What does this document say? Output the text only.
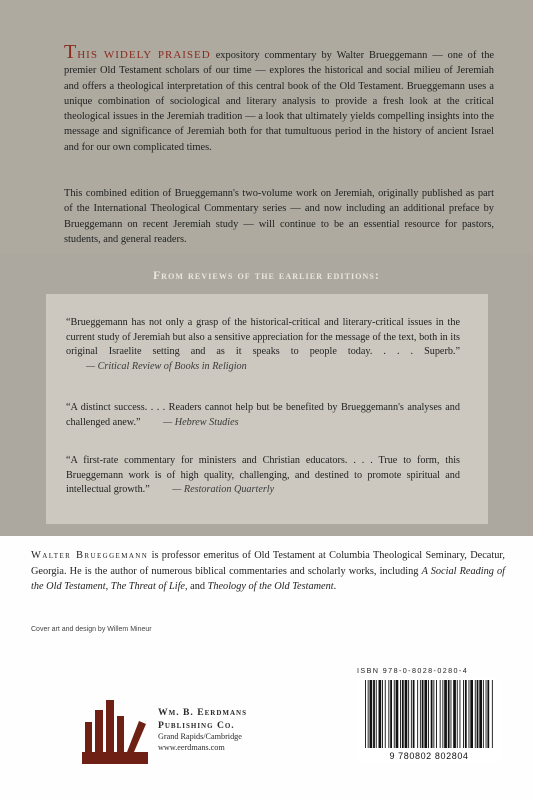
THIS WIDELY PRAISED expository commentary by Walter Brueggemann — one of the premier Old Testament scholars of our time — explores the historical and social milieu of Jeremiah and offers a theological interpretation of this central book of the Old Testament. Brueggemann uses a unique combination of sociological and literary analysis to provide a fresh look at the critical theological issues in the Jeremiah tradition — a look that ultimately yields compelling insights into the message and significance of Jeremiah both for that tumultuous period in the history of ancient Israel and for our own complicated times.

This combined edition of Brueggemann's two-volume work on Jeremiah, originally published as part of the International Theological Commentary series — and now including an additional preface by Brueggemann on recent Jeremiah study — will continue to be an essential resource for pastors, students, and general readers.

From reviews of the earlier editions:

“Brueggemann has not only a grasp of the historical-critical and literary-critical issues in the current study of Jeremiah but also a sensitive appreciation for the message of the text, both in its original Israelite setting and as it speaks to people today. . . . Superb.” — Critical Review of Books in Religion

“A distinct success. . . . Readers cannot help but be benefited by Brueggemann's analyses and challenged anew.” — Hebrew Studies

“A first-rate commentary for ministers and Christian educators. . . . True to form, this Brueggemann work is of high quality, challenging, and destined to promote spiritual and intellectual growth.” — Restoration Quarterly

Walter Brueggemann is professor emeritus of Old Testament at Columbia Theological Seminary, Decatur, Georgia. He is the author of numerous biblical commentaries and scholarly works, including A Social Reading of the Old Testament, The Threat of Life, and Theology of the Old Testament.

Cover art and design by Willem Mineur
Wm. B. Eerdmans
Publishing Co.
Grand Rapids/Cambridge
www.eerdmans.com
ISBN 978-0-8028-0280-4
9 780802 802804
